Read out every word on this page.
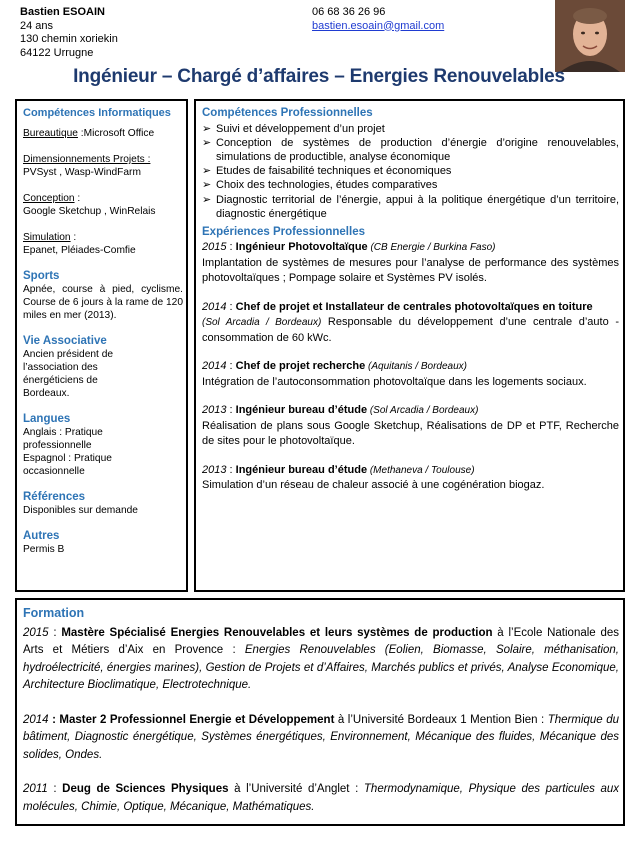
Bastien ESOAIN
24 ans
130 chemin xoriekin
64122 Urrugne
06 68 36 26 96
bastien.esoain@gmail.com
Ingénieur – Chargé d’affaires – Energies Renouvelables
Compétences Informatiques

Bureautique :Microsoft Office

Dimensionnements Projets :

PVSyst , Wasp-WindFarm

Conception :

Google Sketchup , WinRelais

Simulation :

Epanet, Pléiades-Comfie

Sports

Apnée, course à pied, cyclisme. Course de 6 jours à la rame de 120 miles en mer (2013).

Vie Associative

Ancien président de l’association des énergéticiens de Bordeaux.

Langues

Anglais : Pratique professionnelle

Espagnol : Pratique occasionnelle

Références

Disponibles sur demande

Autres

Permis B

Compétences Professionnelles
➢ Suivi et développement d’un projet
➢ Conception de systèmes de production d’énergie d’origine renouvelables, simulations de productible, analyse économique
➢ Etudes de faisabilité techniques et économiques
➢ Choix des technologies, études comparatives
➢ Diagnostic territorial de l’énergie, appui à la politique énergétique d’un territoire, diagnostic énergétique
Expériences Professionnelles
2015 : Ingénieur Photovoltaïque (CB Energie / Burkina Faso)
Implantation de systèmes de mesures pour l’analyse de performance des systèmes photovoltaïques ; Pompage solaire et Systèmes PV isolés.
2014 : Chef de projet et Installateur de centrales photovoltaïques en toiture
(Sol Arcadia / Bordeaux) Responsable du développement d’une centrale d’auto - consommation de 60 kWc.
2014 : Chef de projet recherche (Aquitanis / Bordeaux)
Intégration de l’autoconsommation photovoltaïque dans les logements sociaux.
2013 : Ingénieur bureau d’étude (Sol Arcadia / Bordeaux)
Réalisation de plans sous Google Sketchup, Réalisations de DP et PTF, Recherche de sites pour le photovoltaïque.
2013 : Ingénieur bureau d’étude (Methaneva / Toulouse)
Simulation d’un réseau de chaleur associé à une cogénération biogaz.
Formation

2015 : Mastère Spécialisé Energies Renouvelables et leurs systèmes de production à l’Ecole Nationale des Arts et Métiers d’Aix en Provence : Energies Renouvelables (Eolien, Biomasse, Solaire, méthanisation, hydroélectricité, énergies marines), Gestion de Projets et d’Affaires, Marchés publics et privés, Analyse Economique, Architecture Bioclimatique, Electrotechnique.

2014 : Master 2 Professionnel Energie et Développement à l’Université Bordeaux 1 Mention Bien : Thermique du bâtiment, Diagnostic énergétique, Systèmes énergétiques, Environnement, Mécanique des fluides, Mécanique des solides, Ondes.

2011 : Deug de Sciences Physiques à l’Université d’Anglet : Thermodynamique, Physique des particules aux molécules, Chimie, Optique, Mécanique, Mathématiques.
